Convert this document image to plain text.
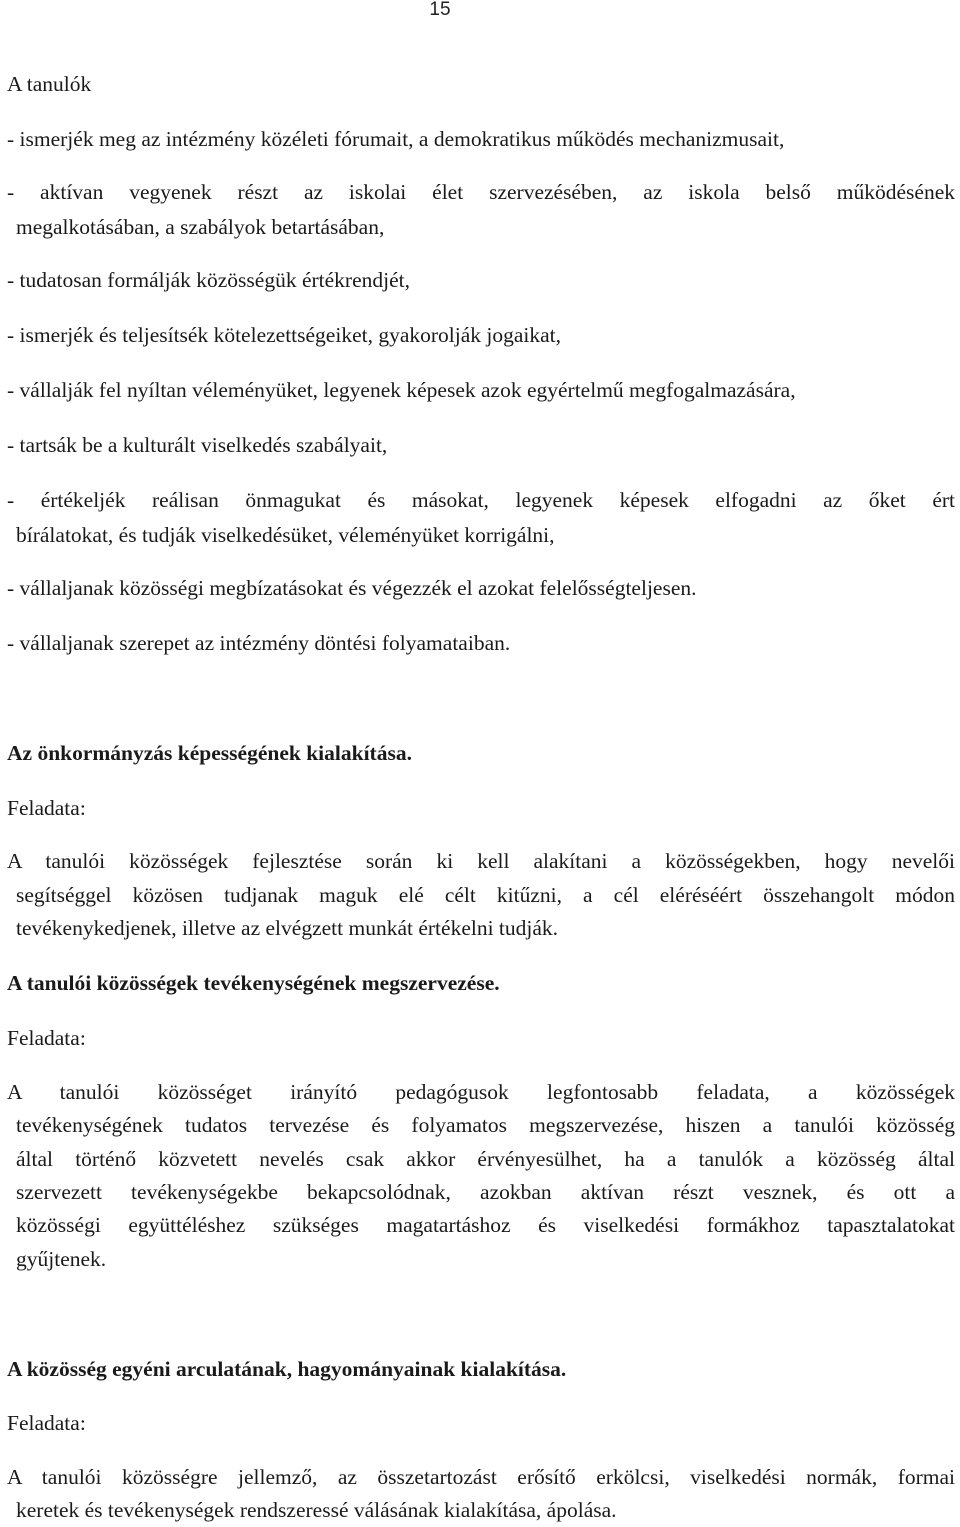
15
A tanulók
- ismerjék meg az intézmény közéleti fórumait, a demokratikus működés mechanizmusait,
- aktívan vegyenek részt az iskolai élet szervezésében, az iskola belső működésének
megalkotásában, a szabályok betartásában,
- tudatosan formálják közösségük értékrendjét,
- ismerjék és teljesítsék kötelezettségeiket, gyakorolják jogaikat,
- vállalják fel nyíltan véleményüket, legyenek képesek azok egyértelmű megfogalmazására,
- tartsák be a kulturált viselkedés szabályait,
- értékeljék reálisan önmagukat és másokat, legyenek képesek elfogadni az őket ért
bírálatokat, és tudják viselkedésüket, véleményüket korrigálni,
- vállaljanak közösségi megbízatásokat és végezzék el azokat felelősségteljesen.
- vállaljanak szerepet az intézmény döntési folyamataiban.
Az önkormányzás képességének kialakítása.
Feladata:
A tanulói közösségek fejlesztése során ki kell alakítani a közösségekben, hogy nevelői
segítséggel közösen tudjanak maguk elé célt kitűzni, a cél eléréséért összehangolt módon
tevékenykedjenek, illetve az elvégzett munkát értékelni tudják.
A tanulói közösségek tevékenységének megszervezése.
Feladata:
A tanulói közösséget irányító pedagógusok legfontosabb feladata, a közösségek
tevékenységének tudatos tervezése és folyamatos megszervezése, hiszen a tanulói közösség
által történő közvetett nevelés csak akkor érvényesülhet, ha a tanulók a közösség által
szervezett tevékenységekbe bekapcsolódnak, azokban aktívan részt vesznek, és ott a
közösségi együttéléshez szükséges magatartáshoz és viselkedési formákhoz tapasztalatokat
gyűjtenek.
A közösség egyéni arculatának, hagyományainak kialakítása.
Feladata:
A tanulói közösségre jellemző, az összetartozást erősítő erkölcsi, viselkedési normák, formai
keretek és tevékenységek rendszeressé válásának kialakítása, ápolása.
